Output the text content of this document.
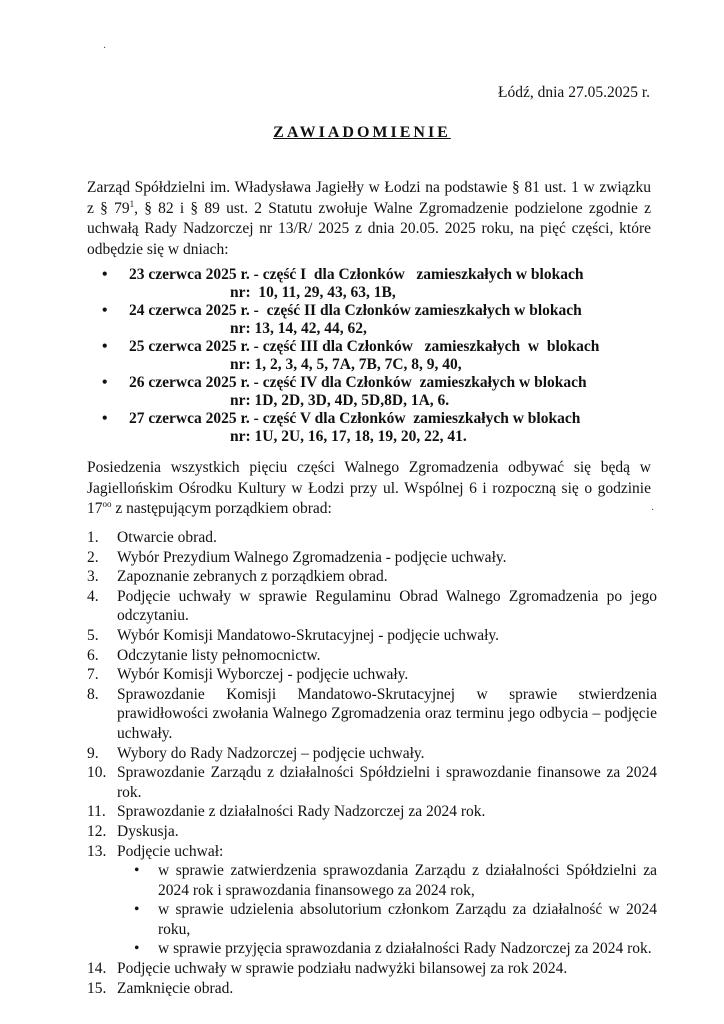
·
·
Łódź, dnia 27.05.2025 r.
ZAWIADOMIENIE
Zarząd Spółdzielni im. Władysława Jagiełły w Łodzi na podstawie § 81 ust. 1 w związku z § $79^1$, § 82 i § 89 ust. 2 Statutu zwołuje Walne Zgromadzenie podzielone zgodnie z uchwałą Rady Nadzorczej nr 13/R/ 2025 z dnia 20.05. 2025 roku, na pięć części, które odbędzie się w dniach:
• 23 czerwca 2025 r. - część I  dla Członków   zamieszkałych w blokach
nr:  10, 11, 29, 43, 63, 1B,
• 24 czerwca 2025 r. -  część II dla Członków zamieszkałych w blokach
nr: 13, 14, 42, 44, 62,
• 25 czerwca 2025 r. - część III dla Członków   zamieszkałych  w  blokach
nr: 1, 2, 3, 4, 5, 7A, 7B, 7C, 8, 9, 40,
• 26 czerwca 2025 r. - część IV dla Członków  zamieszkałych w blokach
nr: 1D, 2D, 3D, 4D, 5D,8D, 1A, 6.
• 27 czerwca 2025 r. - część V dla Członków  zamieszkałych w blokach
nr: 1U, 2U, 16, 17, 18, 19, 20, 22, 41.
Posiedzenia wszystkich pięciu części Walnego Zgromadzenia odbywać się będą w Jagiellońskim Ośrodku Kultury w Łodzi przy ul. Wspólnej 6 i rozpoczną się o godzinie $17^{oo}$ z następującym porządkiem obrad:
1. Otwarcie obrad.
2. Wybór Prezydium Walnego Zgromadzenia - podjęcie uchwały.
3. Zapoznanie zebranych z porządkiem obrad.
4. Podjęcie uchwały w sprawie Regulaminu Obrad Walnego Zgromadzenia po jego odczytaniu.
5. Wybór Komisji Mandatowo-Skrutacyjnej - podjęcie uchwały.
6. Odczytanie listy pełnomocnictw.
7. Wybór Komisji Wyborczej - podjęcie uchwały.
8. Sprawozdanie Komisji Mandatowo-Skrutacyjnej w sprawie stwierdzenia prawidłowości zwołania Walnego Zgromadzenia oraz terminu jego odbycia – podjęcie uchwały.
9. Wybory do Rady Nadzorczej – podjęcie uchwały.
10. Sprawozdanie Zarządu z działalności Spółdzielni i sprawozdanie finansowe za 2024 rok.
11. Sprawozdanie z działalności Rady Nadzorczej za 2024 rok.
12. Dyskusja.
13. Podjęcie uchwał:
• w sprawie zatwierdzenia sprawozdania Zarządu z działalności Spółdzielni za 2024 rok i sprawozdania finansowego za 2024 rok,
• w sprawie udzielenia absolutorium członkom Zarządu za działalność w 2024 roku,
• w sprawie przyjęcia sprawozdania z działalności Rady Nadzorczej za 2024 rok.
14. Podjęcie uchwały w sprawie podziału nadwyżki bilansowej za rok 2024.
15. Zamknięcie obrad.
